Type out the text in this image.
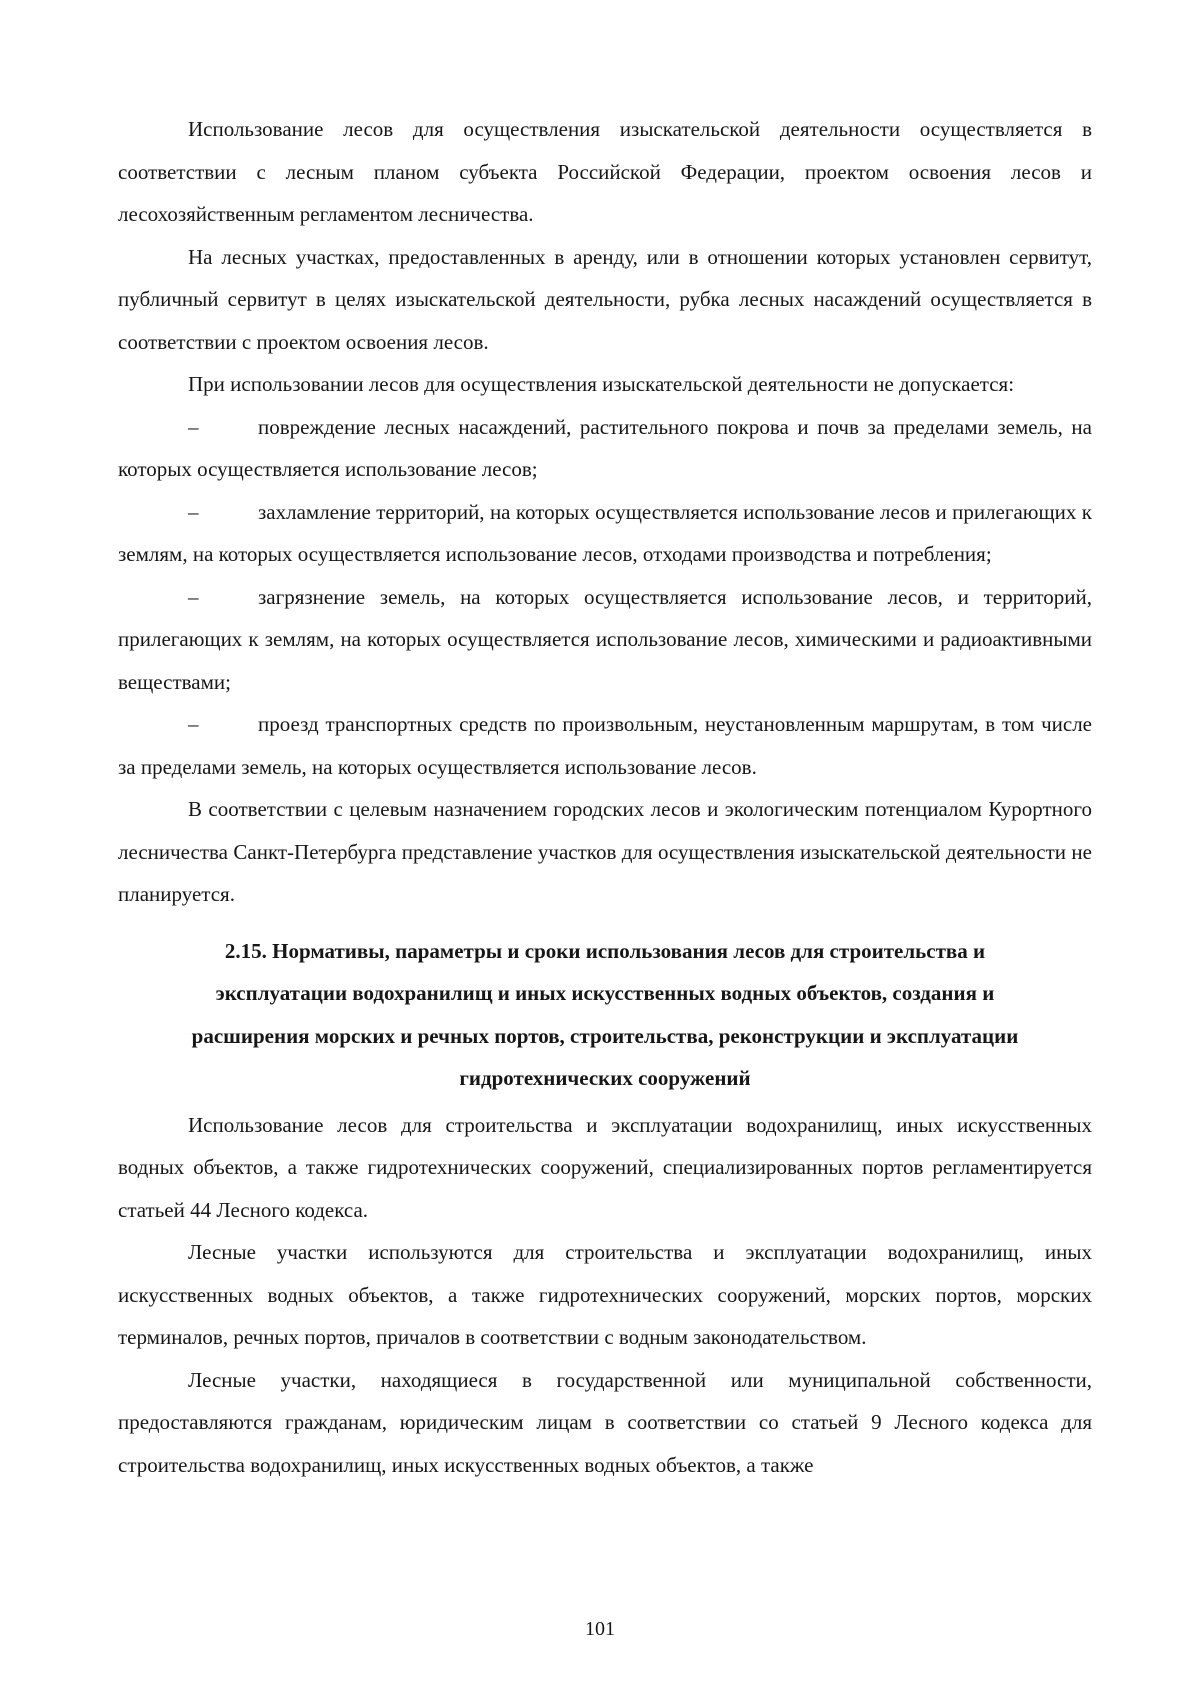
Использование лесов для осуществления изыскательской деятельности осуществляется в соответствии с лесным планом субъекта Российской Федерации, проектом освоения лесов и лесохозяйственным регламентом лесничества.

На лесных участках, предоставленных в аренду, или в отношении которых установлен сервитут, публичный сервитут в целях изыскательской деятельности, рубка лесных насаждений осуществляется в соответствии с проектом освоения лесов.

При использовании лесов для осуществления изыскательской деятельности не допускается:

–	повреждение лесных насаждений, растительного покрова и почв за пределами земель, на которых осуществляется использование лесов;

–	захламление территорий, на которых осуществляется использование лесов и прилегающих к землям, на которых осуществляется использование лесов, отходами производства и потребления;

–	загрязнение земель, на которых осуществляется использование лесов, и территорий, прилегающих к землям, на которых осуществляется использование лесов, химическими и радиоактивными веществами;

–	проезд транспортных средств по произвольным, неустановленным маршрутам, в том числе за пределами земель, на которых осуществляется использование лесов.

В соответствии с целевым назначением городских лесов и экологическим потенциалом Курортного лесничества Санкт-Петербурга представление участков для осуществления изыскательской деятельности не планируется.

2.15. Нормативы, параметры и сроки использования лесов для строительства и
эксплуатации водохранилищ и иных искусственных водных объектов, создания и
расширения морских и речных портов, строительства, реконструкции и эксплуатации
гидротехнических сооружений

Использование лесов для строительства и эксплуатации водохранилищ, иных искусственных водных объектов, а также гидротехнических сооружений, специализированных портов регламентируется статьей 44 Лесного кодекса.

Лесные участки используются для строительства и эксплуатации водохранилищ, иных искусственных водных объектов, а также гидротехнических сооружений, морских портов, морских терминалов, речных портов, причалов в соответствии с водным законодательством.

Лесные участки, находящиеся в государственной или муниципальной собственности, предоставляются гражданам, юридическим лицам в соответствии со статьей 9 Лесного кодекса для строительства водохранилищ, иных искусственных водных объектов, а также

101
